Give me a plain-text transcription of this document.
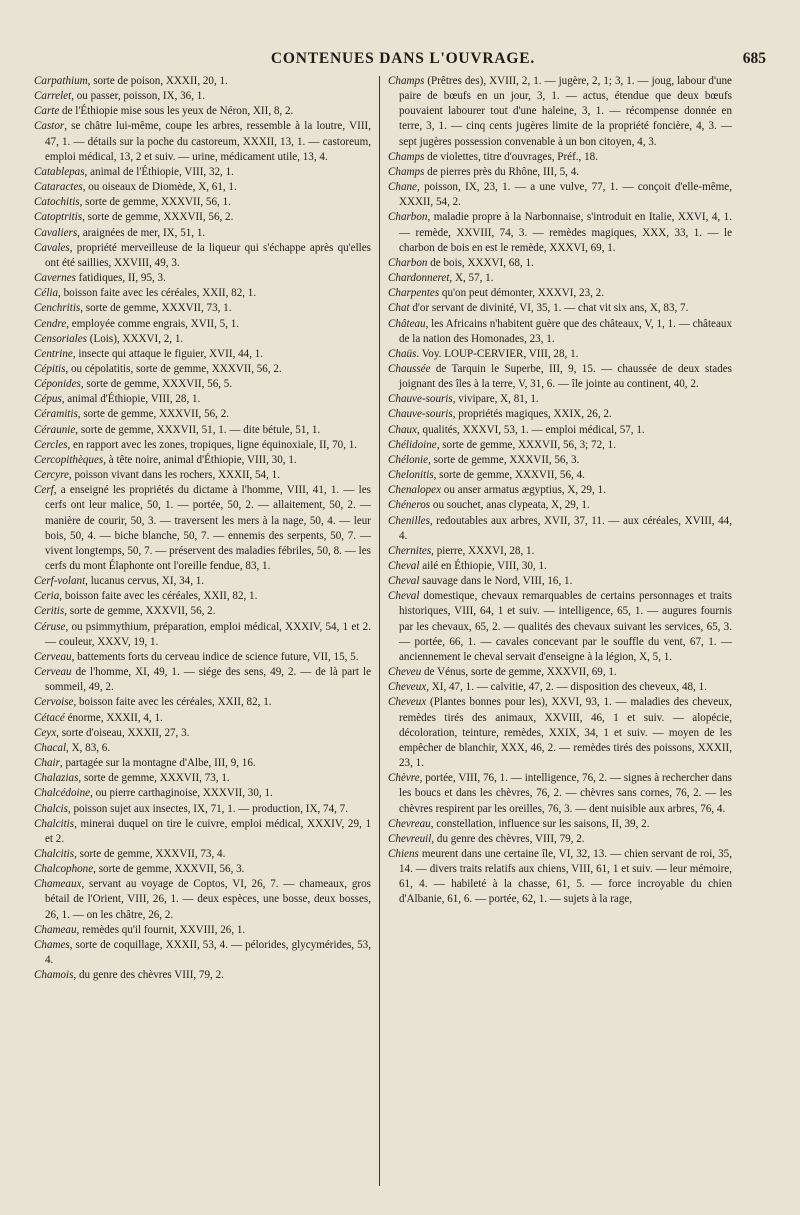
CONTENUES DANS L'OUVRAGE.	685

Carpathium, sorte de poison, XXXII, 20, 1.

Carrelet, ou passer, poisson, IX, 36, 1.

Carte de l'Éthiopie mise sous les yeux de Néron, XII, 8, 2.

Castor, se châtre lui-même, coupe les arbres, ressemble à la loutre, VIII, 47, 1. — détails sur la poche du castoreum, XXXII, 13, 1. — castoreum, emploi médical, 13, 2 et suiv. — urine, médicament utile, 13, 4.

Catablepas, animal de l'Éthiopie, VIII, 32, 1.

Cataractes, ou oiseaux de Diomède, X, 61, 1.

Catochitis, sorte de gemme, XXXVII, 56, 1.

Catoptritis, sorte de gemme, XXXVII, 56, 2.

Cavaliers, araignées de mer, IX, 51, 1.

Cavales, propriété merveilleuse de la liqueur qui s'échappe après qu'elles ont été saillies, XXVIII, 49, 3.

Cavernes fatidiques, II, 95, 3.

Célia, boisson faite avec les céréales, XXII, 82, 1.

Cenchritis, sorte de gemme, XXXVII, 73, 1.

Cendre, employée comme engrais, XVII, 5, 1.

Censoriales (Lois), XXXVI, 2, 1.

Centrine, insecte qui attaque le figuier, XVII, 44, 1.

Cépitis, ou cépolatitis, sorte de gemme, XXXVII, 56, 2.

Céponides, sorte de gemme, XXXVII, 56, 5.

Cépus, animal d'Éthiopie, VIII, 28, 1.

Céramitis, sorte de gemme, XXXVII, 56, 2.

Céraunie, sorte de gemme, XXXVII, 51, 1. — dite bétule, 51, 1.

Cercles, en rapport avec les zones, tropiques, ligne équinoxiale, II, 70, 1.

Cercopithèques, à tête noire, animal d'Éthiopie, VIII, 30, 1.

Cercyre, poisson vivant dans les rochers, XXXII, 54, 1.

Cerf, a enseigné les propriétés du dictame à l'homme, VIII, 41, 1. — les cerfs ont leur malice, 50, 1. — portée, 50, 2. — allaitement, 50, 2. — manière de courir, 50, 3. — traversent les mers à la nage, 50, 4. — leur bois, 50, 4. — biche blanche, 50, 7. — ennemis des serpents, 50, 7. — vivent longtemps, 50, 7. — préservent des maladies fébriles, 50, 8. — les cerfs du mont Élaphonte ont l'oreille fendue, 83, 1.

Cerf-volant, lucanus cervus, XI, 34, 1.

Ceria, boisson faite avec les céréales, XXII, 82, 1.

Ceritis, sorte de gemme, XXXVII, 56, 2.

Céruse, ou psimmythium, préparation, emploi médical, XXXIV, 54, 1 et 2. — couleur, XXXV, 19, 1.

Cerveau, battements forts du cerveau indice de science future, VII, 15, 5.

Cerveau de l'homme, XI, 49, 1. — siége des sens, 49, 2. — de là part le sommeil, 49, 2.

Cervoise, boisson faite avec les céréales, XXII, 82, 1.

Cétacé énorme, XXXII, 4, 1.

Ceyx, sorte d'oiseau, XXXII, 27, 3.

Chacal, X, 83, 6.

Chair, partagée sur la montagne d'Albe, III, 9, 16.

Chalazias, sorte de gemme, XXXVII, 73, 1.

Chalcédoine, ou pierre carthaginoise, XXXVII, 30, 1.

Chalcis, poisson sujet aux insectes, IX, 71, 1. — production, IX, 74, 7.

Chalcitis, minerai duquel on tire le cuivre, emploi médical, XXXIV, 29, 1 et 2.

Chalcitis, sorte de gemme, XXXVII, 73, 4.

Chalcophone, sorte de gemme, XXXVII, 56, 3.

Chameaux, servant au voyage de Coptos, VI, 26, 7. — chameaux, gros bétail de l'Orient, VIII, 26, 1. — deux espèces, une bosse, deux bosses, 26, 1. — on les châtre, 26, 2.

Chameau, remèdes qu'il fournit, XXVIII, 26, 1.

Chames, sorte de coquillage, XXXII, 53, 4. — pélorides, glycymérides, 53, 4.

Chamois, du genre des chèvres VIII, 79, 2.

Champs (Prêtres des), XVIII, 2, 1. — jugère, 2, 1; 3, 1. — joug, labour d'une paire de bœufs en un jour, 3, 1. — actus, étendue que deux bœufs pouvaient labourer tout d'une haleine, 3, 1. — récompense donnée en terre, 3, 1. — cinq cents jugères limite de la propriété foncière, 4, 3. — sept jugères possession convenable à un bon citoyen, 4, 3.

Champs de violettes, titre d'ouvrages, Préf., 18.

Champs de pierres près du Rhône, III, 5, 4.

Chane, poisson, IX, 23, 1. — a une vulve, 77, 1. — conçoit d'elle-même, XXXII, 54, 2.

Charbon, maladie propre à la Narbonnaise, s'introduit en Italie, XXVI, 4, 1. — remède, XXVIII, 74, 3. — remèdes magiques, XXX, 33, 1. — le charbon de bois en est le remède, XXXVI, 69, 1.

Charbon de bois, XXXVI, 68, 1.

Chardonneret, X, 57, 1.

Charpentes qu'on peut démonter, XXXVI, 23, 2.

Chat d'or servant de divinité, VI, 35, 1. — chat vit six ans, X, 83, 7.

Château, les Africains n'habitent guère que des châteaux, V, 1, 1. — châteaux de la nation des Homonades, 23, 1.

Chaüs. Voy. LOUP-CERVIER, VIII, 28, 1.

Chaussée de Tarquin le Superbe, III, 9, 15. — chaussée de deux stades joignant des îles à la terre, V, 31, 6. — île jointe au continent, 40, 2.

Chauve-souris, vivipare, X, 81, 1.

Chauve-souris, propriétés magiques, XXIX, 26, 2.

Chaux, qualités, XXXVI, 53, 1. — emploi médical, 57, 1.

Chélidoine, sorte de gemme, XXXVII, 56, 3; 72, 1.

Chélonie, sorte de gemme, XXXVII, 56, 3.

Chelonitis, sorte de gemme, XXXVII, 56, 4.

Chenalopex ou anser armatus ægyptius, X, 29, 1.

Chéneros ou souchet, anas clypeata, X, 29, 1.

Chenilles, redoutables aux arbres, XVII, 37, 11. — aux céréales, XVIII, 44, 4.

Chernites, pierre, XXXVI, 28, 1.

Cheval ailé en Éthiopie, VIII, 30, 1.

Cheval sauvage dans le Nord, VIII, 16, 1.

Cheval domestique, chevaux remarquables de certains personnages et traits historiques, VIII, 64, 1 et suiv. — intelligence, 65, 1. — augures fournis par les chevaux, 65, 2. — qualités des chevaux suivant les services, 65, 3. — portée, 66, 1. — cavales concevant par le souffle du vent, 67, 1. — anciennement le cheval servait d'enseigne à la légion, X, 5, 1.

Cheveu de Vénus, sorte de gemme, XXXVII, 69, 1.

Cheveux, XI, 47, 1. — calvitie, 47, 2. — disposition des cheveux, 48, 1.

Cheveux (Plantes bonnes pour les), XXVI, 93, 1. — maladies des cheveux, remèdes tirés des animaux, XXVIII, 46, 1 et suiv. — alopécie, décoloration, teinture, remèdes, XXIX, 34, 1 et suiv. — moyen de les empêcher de blanchir, XXX, 46, 2. — remèdes tirés des poissons, XXXII, 23, 1.

Chèvre, portée, VIII, 76, 1. — intelligence, 76, 2. — signes à rechercher dans les boucs et dans les chèvres, 76, 2. — chèvres sans cornes, 76, 2. — les chèvres respirent par les oreilles, 76, 3. — dent nuisible aux arbres, 76, 4.

Chevreau, constellation, influence sur les saisons, II, 39, 2.

Chevreuil, du genre des chèvres, VIII, 79, 2.

Chiens meurent dans une certaine île, VI, 32, 13. — chien servant de roi, 35, 14. — divers traits relatifs aux chiens, VIII, 61, 1 et suiv. — leur mémoire, 61, 4. — habileté à la chasse, 61, 5. — force incroyable du chien d'Albanie, 61, 6. — portée, 62, 1. — sujets à la rage,
